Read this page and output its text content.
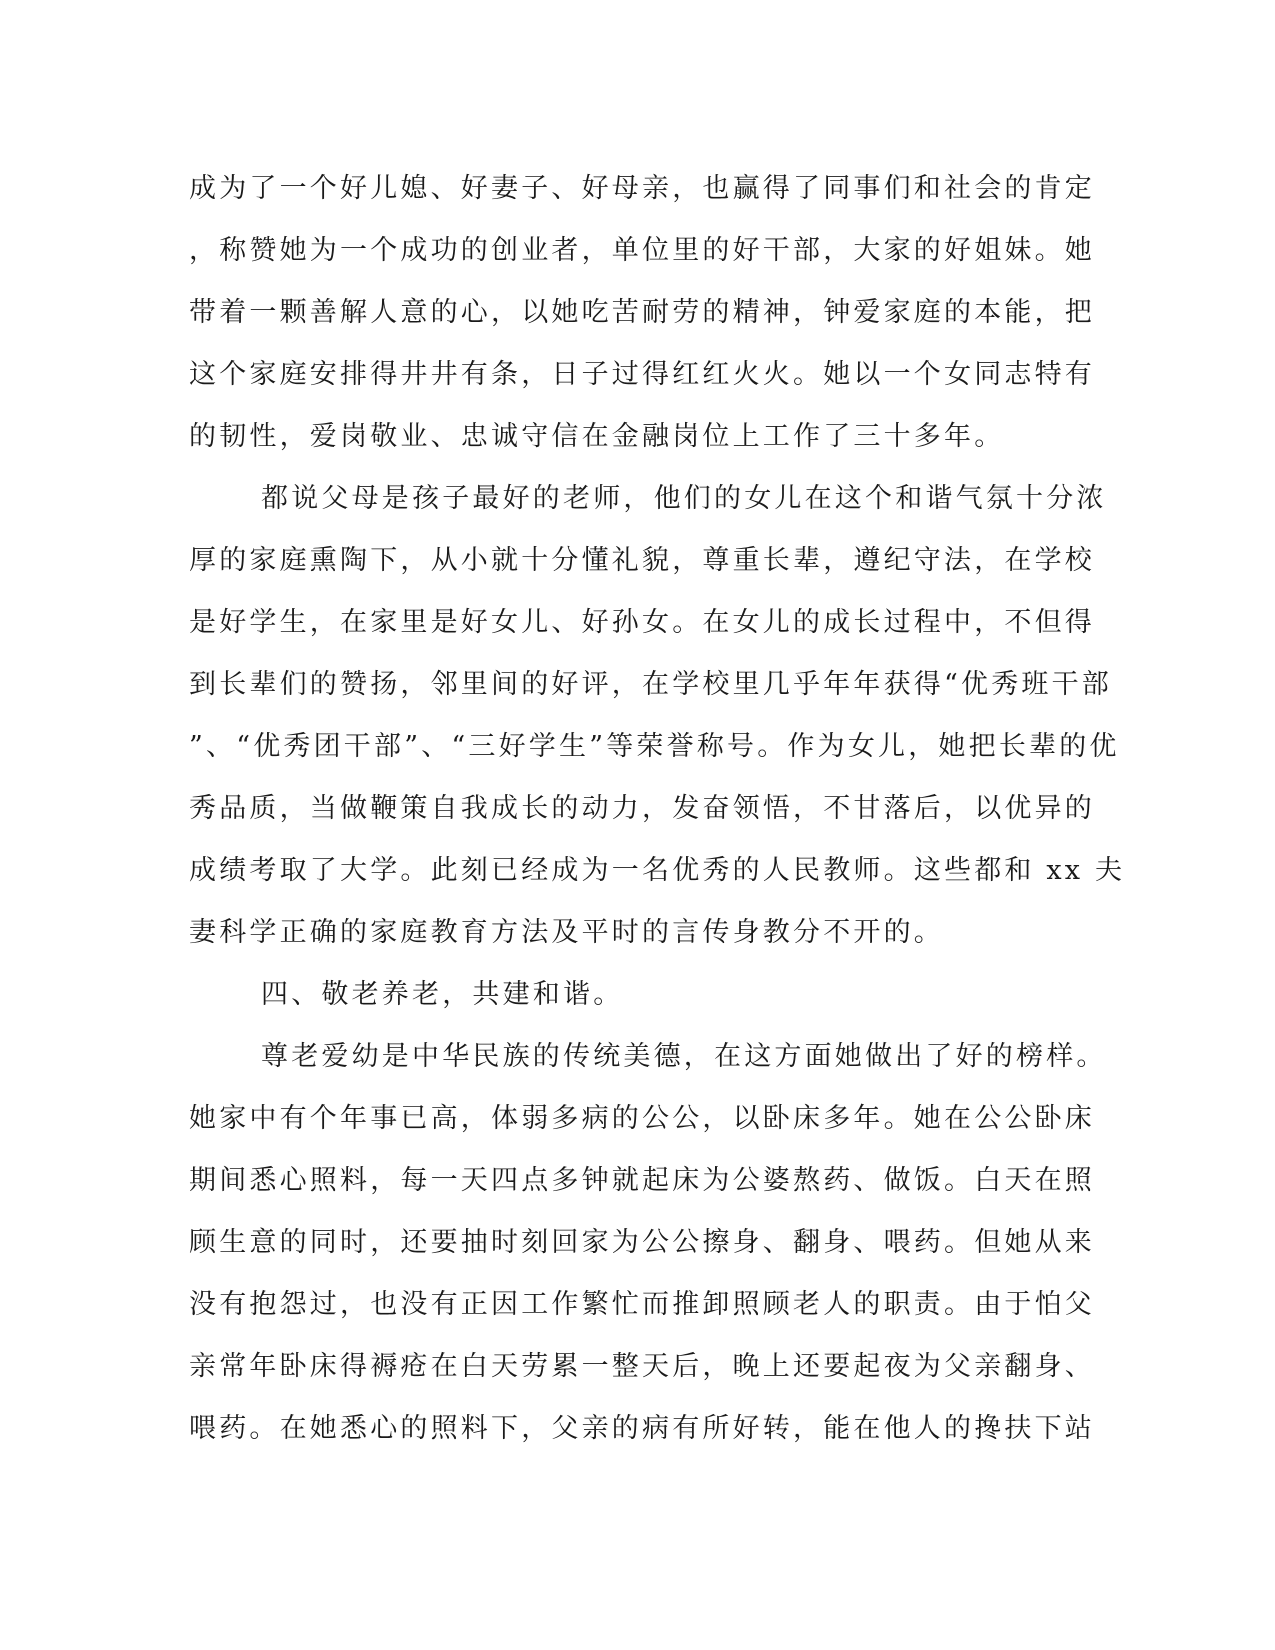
成为了一个好儿媳、好妻子、好母亲，也赢得了同事们和社会的肯定
，称赞她为一个成功的创业者，单位里的好干部，大家的好姐妹。她
带着一颗善解人意的心，以她吃苦耐劳的精神，钟爱家庭的本能，把
这个家庭安排得井井有条，日子过得红红火火。她以一个女同志特有
的韧性，爱岗敬业、忠诚守信在金融岗位上工作了三十多年。
都说父母是孩子最好的老师，他们的女儿在这个和谐气氛十分浓
厚的家庭熏陶下，从小就十分懂礼貌，尊重长辈，遵纪守法，在学校
是好学生，在家里是好女儿、好孙女。在女儿的成长过程中，不但得
到长辈们的赞扬，邻里间的好评，在学校里几乎年年获得“优秀班干部
”、“优秀团干部”、“三好学生”等荣誉称号。作为女儿，她把长辈的优
秀品质，当做鞭策自我成长的动力，发奋领悟，不甘落后，以优异的
成绩考取了大学。此刻已经成为一名优秀的人民教师。这些都和 xx 夫
妻科学正确的家庭教育方法及平时的言传身教分不开的。
四、敬老养老，共建和谐。
尊老爱幼是中华民族的传统美德，在这方面她做出了好的榜样。
她家中有个年事已高，体弱多病的公公，以卧床多年。她在公公卧床
期间悉心照料，每一天四点多钟就起床为公婆熬药、做饭。白天在照
顾生意的同时，还要抽时刻回家为公公擦身、翻身、喂药。但她从来
没有抱怨过，也没有正因工作繁忙而推卸照顾老人的职责。由于怕父
亲常年卧床得褥疮在白天劳累一整天后，晚上还要起夜为父亲翻身、
喂药。在她悉心的照料下，父亲的病有所好转，能在他人的搀扶下站
